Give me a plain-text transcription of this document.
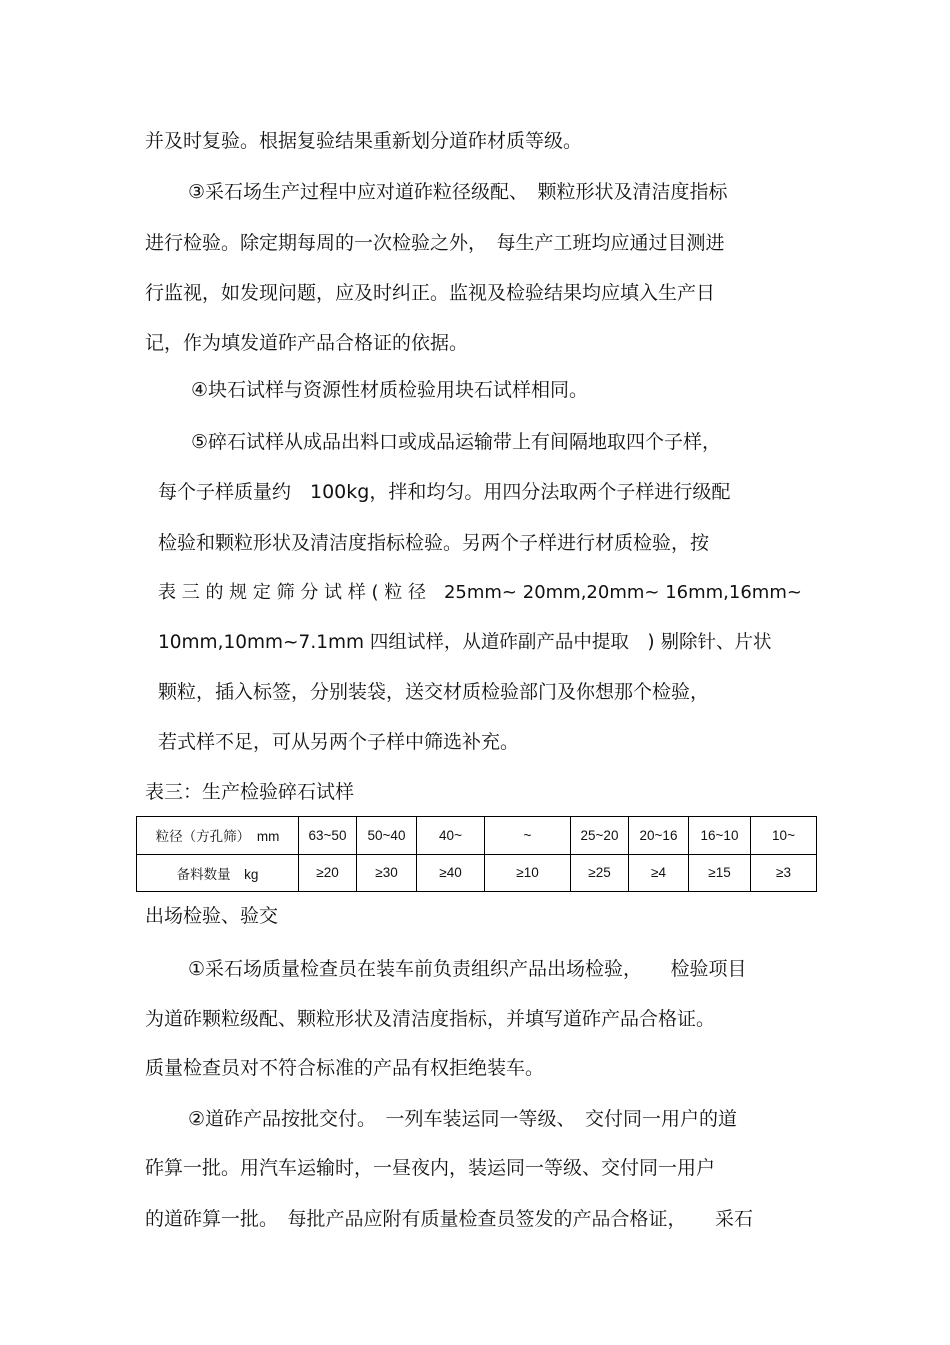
并及时复验。根据复验结果重新划分道砟材质等级。
③采石场生产过程中应对道砟粒径级配、　颗粒形状及清洁度指标
进行检验。除定期每周的一次检验之外，　每生产工班均应通过目测进
行监视，如发现问题，应及时纠正。监视及检验结果均应填入生产日
记，作为填发道砟产品合格证的依据。
④块石试样与资源性材质检验用块石试样相同。
⑤碎石试样从成品出料口或成品运输带上有间隔地取四个子样，
每个子样质量约　100kg，拌和均匀。用四分法取两个子样进行级配
检验和颗粒形状及清洁度指标检验。另两个子样进行材质检验，按
表 三 的 规 定 筛 分 试 样 ( 粒 径　25mm~ 20mm,20mm~ 16mm,16mm~
10mm,10mm~7.1mm 四组试样，从道砟副产品中提取　) 剔除针、片状
颗粒，插入标签，分别装袋，送交材质检验部门及你想那个检验，
若式样不足，可从另两个子样中筛选补充。
表三：生产检验碎石试样
粒径（方孔筛）　mm	63~50	50~40	40~	~	25~20	20~16	16~10	10~
备料数量　kg	≥20	≥30	≥40	≥10	≥25	≥4	≥15	≥3
出场检验、验交
①采石场质量检查员在装车前负责组织产品出场检验，　　检验项目
为道砟颗粒级配、颗粒形状及清洁度指标，并填写道砟产品合格证。
质量检查员对不符合标准的产品有权拒绝装车。
②道砟产品按批交付。　一列车装运同一等级、　交付同一用户的道
砟算一批。用汽车运输时，一昼夜内，装运同一等级、交付同一用户
的道砟算一批。　每批产品应附有质量检查员签发的产品合格证，　　采石
